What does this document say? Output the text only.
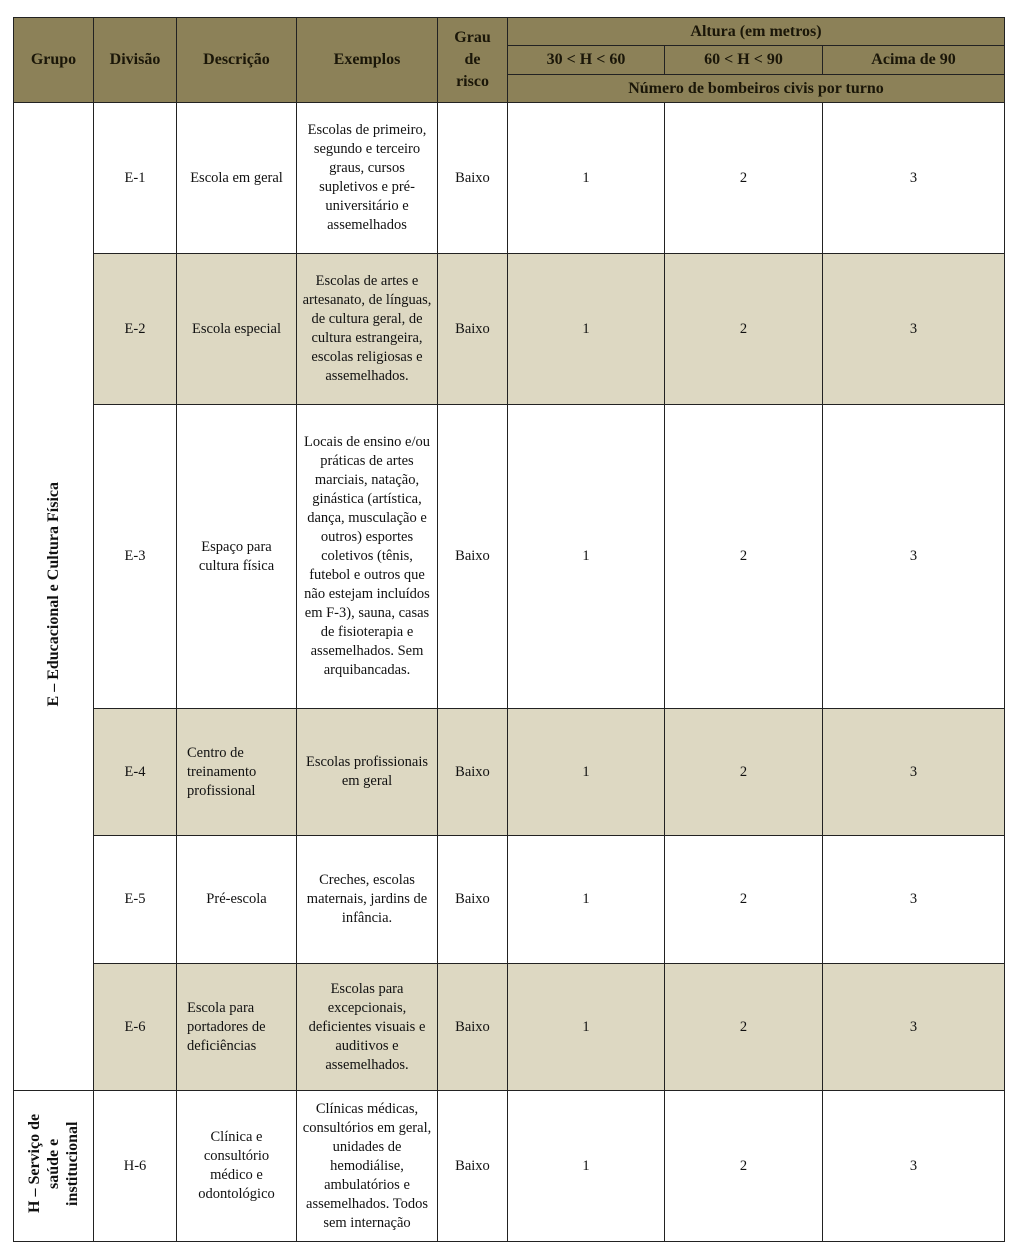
Grupo	Divisão	Descrição	Exemplos	Grau de risco	Altura (em metros)		
					30 < H < 60	60 < H < 90	Acima de 90
					Número de bombeiros civis por turno		
E – Educacional e Cultura Física	E-1	Escola em geral	Escolas de primeiro, segundo e terceiro graus, cursos supletivos e pré-universitário e assemelhados	Baixo	1	2	3
	E-2	Escola especial	Escolas de artes e artesanato, de línguas, de cultura geral, de cultura estrangeira, escolas religiosas e assemelhados.	Baixo	1	2	3
	E-3	Espaço para cultura física	Locais de ensino e/ou práticas de artes marciais, natação, ginástica (artística, dança, musculação e outros) esportes coletivos (tênis, futebol e outros que não estejam incluídos em F-3), sauna, casas de fisioterapia e assemelhados. Sem arquibancadas.	Baixo	1	2	3
	E-4	Centro de treinamento profissional	Escolas profissionais em geral	Baixo	1	2	3
	E-5	Pré-escola	Creches, escolas maternais, jardins de infância.	Baixo	1	2	3
	E-6	Escola para portadores de deficiências	Escolas para excepcionais, deficientes visuais e auditivos e assemelhados.	Baixo	1	2	3
H – Serviço de saúde e institucional	H-6	Clínica e consultório médico e odontológico	Clínicas médicas, consultórios em geral, unidades de hemodiálise, ambulatórios e assemelhados. Todos sem internação	Baixo	1	2	3
